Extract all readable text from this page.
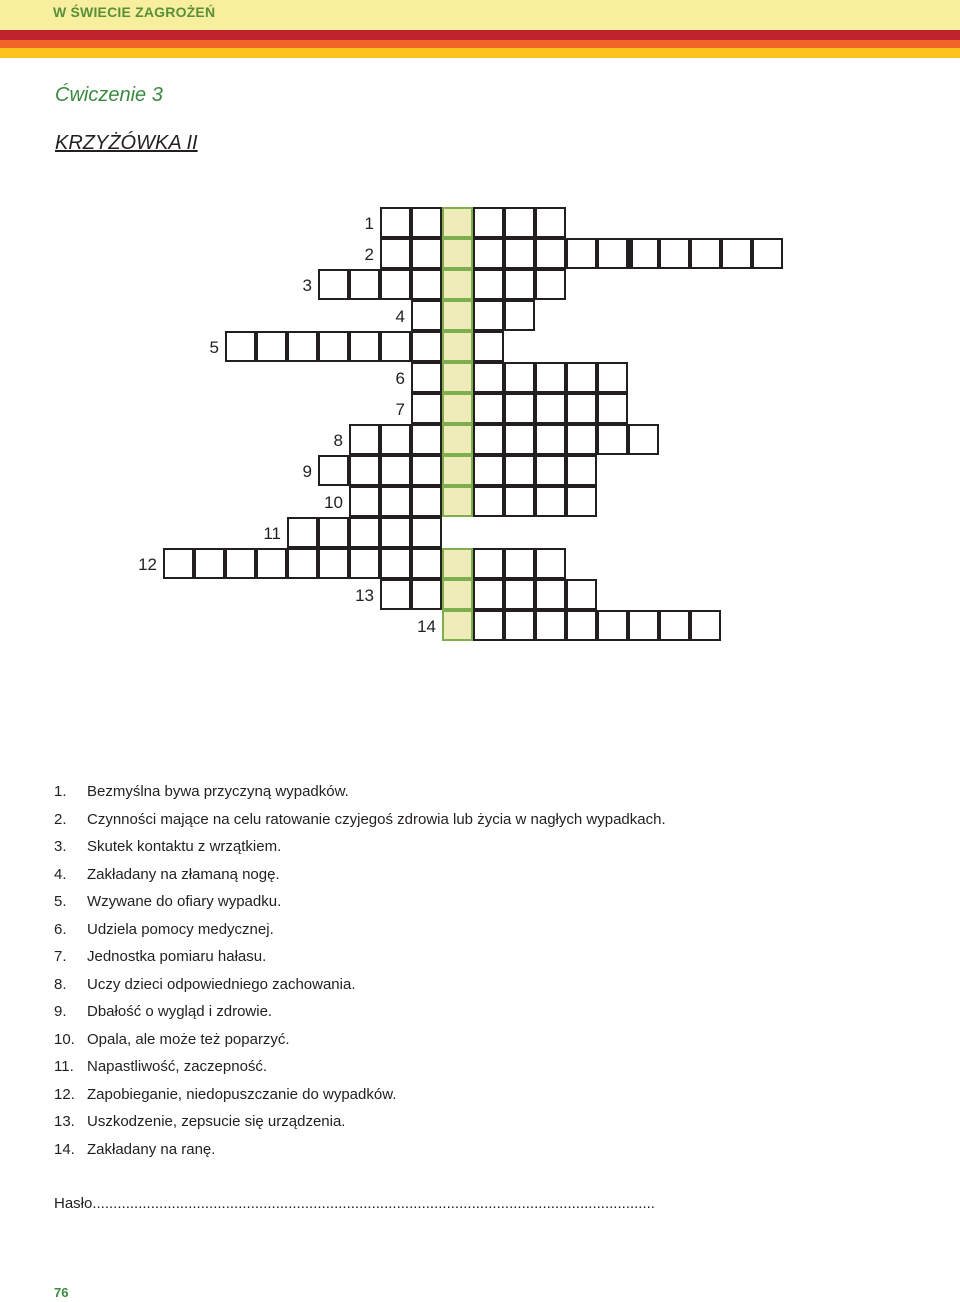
W ŚWIECIE ZAGROŻEŃ
Ćwiczenie 3
KRZYŻÓWKA II
1
2
3
4
5
6
7
8
9
10
11
12
13
14
1.	Bezmyślna bywa przyczyną wypadków.
2.	Czynności mające na celu ratowanie czyjegoś zdrowia lub życia w nagłych wypadkach.
3.	Skutek kontaktu z wrzątkiem.
4.	Zakładany na złamaną nogę.
5.	Wzywane do ofiary wypadku.
6.	Udziela pomocy medycznej.
7.	Jednostka pomiaru hałasu.
8.	Uczy dzieci odpowiedniego zachowania.
9.	Dbałość o wygląd i zdrowie.
10. Opala, ale może też poparzyć.
11. Napastliwość, zaczepność.
12. Zapobieganie, niedopuszczanie do wypadków.
13. Uszkodzenie, zepsucie się urządzenia.
14. Zakładany na ranę.
Hasło.......................................................................................................................................
76
